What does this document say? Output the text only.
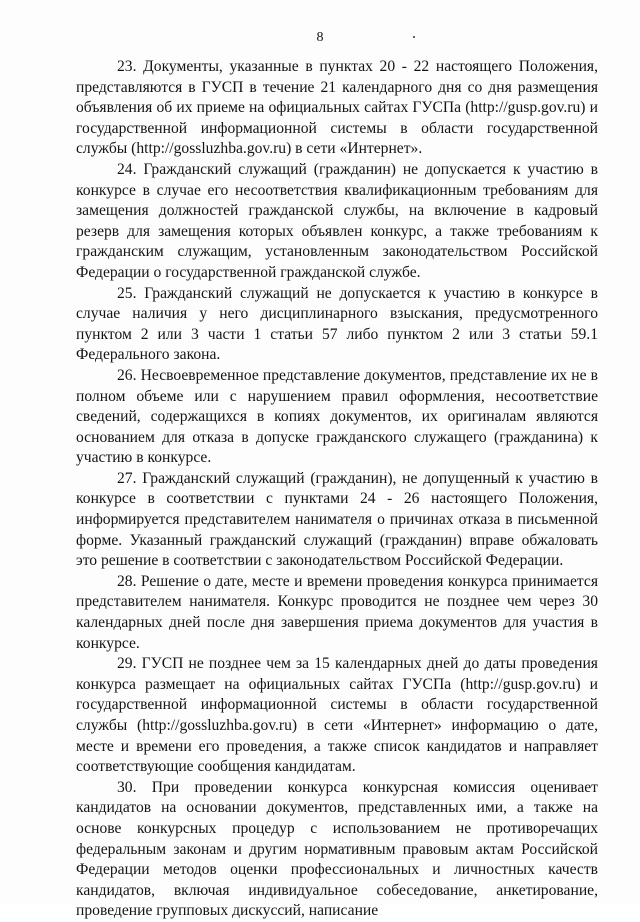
8

23. Документы, указанные в пунктах 20 - 22 настоящего Положения, представляются в ГУСП в течение 21 календарного дня со дня размещения объявления об их приеме на официальных сайтах ГУСПа (http://gusp.gov.ru) и государственной информационной системы в области государственной службы (http://gossluzhba.gov.ru) в сети «Интернет».

24. Гражданский служащий (гражданин) не допускается к участию в конкурсе в случае его несоответствия квалификационным требованиям для замещения должностей гражданской службы, на включение в кадровый резерв для замещения которых объявлен конкурс, а также требованиям к гражданским служащим, установленным законодательством Российской Федерации о государственной гражданской службе.

25. Гражданский служащий не допускается к участию в конкурсе в случае наличия у него дисциплинарного взыскания, предусмотренного пунктом 2 или 3 части 1 статьи 57 либо пунктом 2 или 3 статьи 59.1 Федерального закона.

26. Несвоевременное представление документов, представление их не в полном объеме или с нарушением правил оформления, несоответствие сведений, содержащихся в копиях документов, их оригиналам являются основанием для отказа в допуске гражданского служащего (гражданина) к участию в конкурсе.

27. Гражданский служащий (гражданин), не допущенный к участию в конкурсе в соответствии с пунктами 24 - 26 настоящего Положения, информируется представителем нанимателя о причинах отказа в письменной форме. Указанный гражданский служащий (гражданин) вправе обжаловать это решение в соответствии с законодательством Российской Федерации.

28. Решение о дате, месте и времени проведения конкурса принимается представителем нанимателя. Конкурс проводится не позднее чем через 30 календарных дней после дня завершения приема документов для участия в конкурсе.

29. ГУСП не позднее чем за 15 календарных дней до даты проведения конкурса размещает на официальных сайтах ГУСПа (http://gusp.gov.ru) и государственной информационной системы в области государственной службы (http://gossluzhba.gov.ru) в сети «Интернет» информацию о дате, месте и времени его проведения, а также список кандидатов и направляет соответствующие сообщения кандидатам.

30. При проведении конкурса конкурсная комиссия оценивает кандидатов на основании документов, представленных ими, а также на основе конкурсных процедур с использованием не противоречащих федеральным законам и другим нормативным правовым актам Российской Федерации методов оценки профессиональных и личностных качеств кандидатов, включая индивидуальное собеседование, анкетирование, проведение групповых дискуссий, написание
